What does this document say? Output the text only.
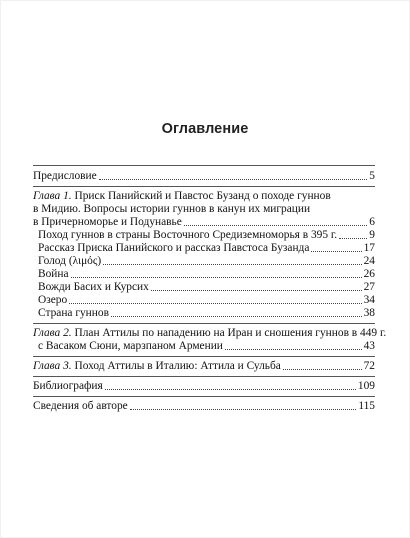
Оглавление
Предисловие	5
Глава 1. Приск Панийский и Павстос Бузанд о походе гуннов
в Мидию. Вопросы истории гуннов в канун их миграции
в Причерноморье и Подунавье	6
Поход гуннов в страны Восточного Средиземноморья в 395 г.	9
Рассказ Приска Панийского и рассказ Павстоса Бузанда	17
Голод (λιμός)	24
Война	26
Вожди Басих и Курсих	27
Озеро	34
Страна гуннов	38
Глава 2. План Аттилы по нападению на Иран и сношения гуннов в 449 г.
с Васаком Сюни, марзпаном Армении	43
Глава 3. Поход Аттилы в Италию: Аттила и Сульба	72
Библиография	109
Сведения об авторе	115
